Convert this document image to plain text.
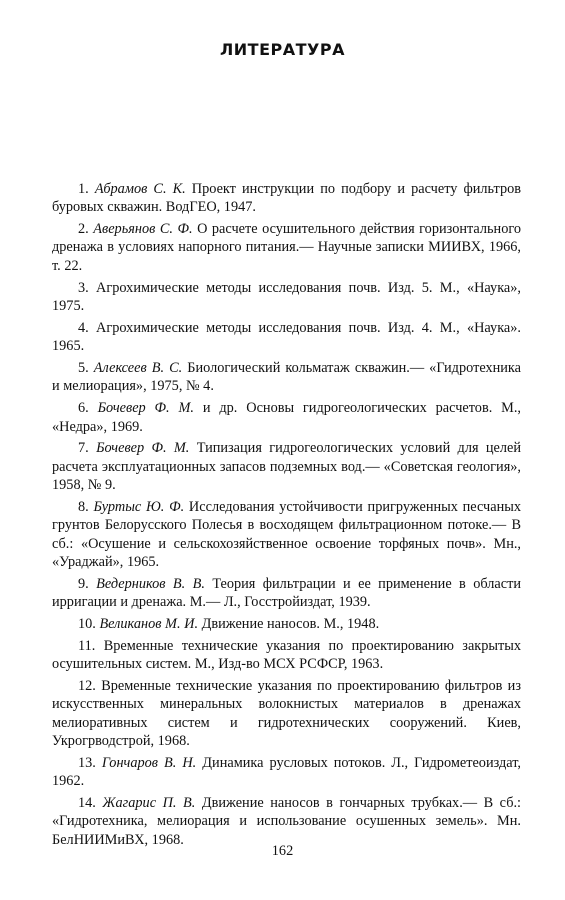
ЛИТЕРАТУРА

1. Абрамов С. К. Проект инструкции по подбору и расчету фильтров буровых скважин. ВодГЕО, 1947.

2. Аверьянов С. Ф. О расчете осушительного действия горизонтального дренажа в условиях напорного питания.— Научные записки МИИВХ, 1966, т. 22.

3. Агрохимические методы исследования почв. Изд. 5. М., «Наука», 1975.

4. Агрохимические методы исследования почв. Изд. 4. М., «Наука». 1965.

5. Алексеев В. С. Биологический кольматаж скважин.— «Гидротехника и мелиорация», 1975, № 4.

6. Бочевер Ф. М. и др. Основы гидрогеологических расчетов. М., «Недра», 1969.

7. Бочевер Ф. М. Типизация гидрогеологических условий для целей расчета эксплуатационных запасов подземных вод.— «Советская геология», 1958, № 9.

8. Буртыс Ю. Ф. Исследования устойчивости пригруженных песчаных грунтов Белорусского Полесья в восходящем фильтрационном потоке.— В сб.: «Осушение и сельскохозяйственное освоение торфяных почв». Мн., «Ураджай», 1965.

9. Ведерников В. В. Теория фильтрации и ее применение в области ирригации и дренажа. М.— Л., Госстройиздат, 1939.

10. Великанов М. И. Движение наносов. М., 1948.

11. Временные технические указания по проектированию закрытых осушительных систем. М., Изд-во МСХ РСФСР, 1963.

12. Временные технические указания по проектированию фильтров из искусственных минеральных волокнистых материалов в дренажах мелиоративных систем и гидротехнических сооружений. Киев, Укрогрводстрой, 1968.

13. Гончаров В. Н. Динамика русловых потоков. Л., Гидрометеоиздат, 1962.

14. Жагарис П. В. Движение наносов в гончарных трубках.— В сб.: «Гидротехника, мелиорация и использование осушенных земель». Мн. БелНИИМиВХ, 1968.

162
